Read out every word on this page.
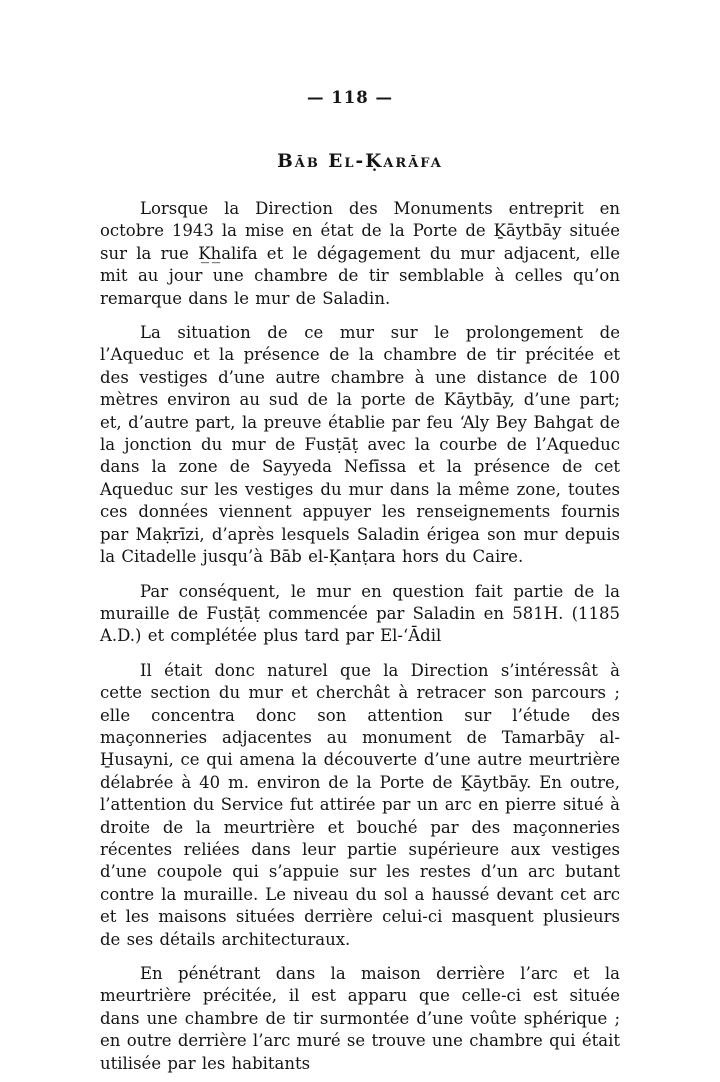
— 118 —
Bāb El-Ḳarāfa

Lorsque la Direction des Monuments entreprit en octobre 1943 la mise en état de la Porte de Ḵāytbāy située sur la rue K̲h̲alifa et le dégagement du mur adjacent, elle mit au jour une chambre de tir semblable à celles qu’on remarque dans le mur de Saladin.

La situation de ce mur sur le prolongement de l’Aqueduc et la présence de la chambre de tir précitée et des vestiges d’une autre chambre à une distance de 100 mètres environ au sud de la porte de Kāytbāy, d’une part; et, d’autre part, la preuve établie par feu ‘Aly Bey Bahgat de la jonction du mur de Fusṭāṭ avec la courbe de l’Aqueduc dans la zone de Sayyeda Nefīssa et la présence de cet Aqueduc sur les vestiges du mur dans la même zone, toutes ces données viennent appuyer les renseignements fournis par Maḳrīzi, d’après lesquels Saladin érigea son mur depuis la Citadelle jusqu’à Bāb el-Ḳanṭara hors du Caire.

Par conséquent, le mur en question fait partie de la muraille de Fusṭāṭ commencée par Saladin en 581H. (1185 A.D.) et complétée plus tard par El-‘Ādil

Il était donc naturel que la Direction s’intéressât à cette section du mur et cherchât à retracer son parcours ; elle concentra donc son attention sur l’étude des maçonneries adjacentes au monument de Tamarbāy al-H̱usayni, ce qui amena la découverte d’une autre meurtrière délabrée à 40 m. environ de la Porte de Ḵāytbāy. En outre, l’attention du Service fut attirée par un arc en pierre situé à droite de la meurtrière et bouché par des maçonneries récentes reliées dans leur partie supérieure aux vestiges d’une coupole qui s’appuie sur les restes d’un arc butant contre la muraille. Le niveau du sol a haussé devant cet arc et les maisons situées derrière celui-ci masquent plusieurs de ses détails architecturaux.

En pénétrant dans la maison derrière l’arc et la meurtrière précitée, il est apparu que celle-ci est située dans une chambre de tir surmontée d’une voûte sphérique ; en outre derrière l’arc muré se trouve une chambre qui était utilisée par les habitants
